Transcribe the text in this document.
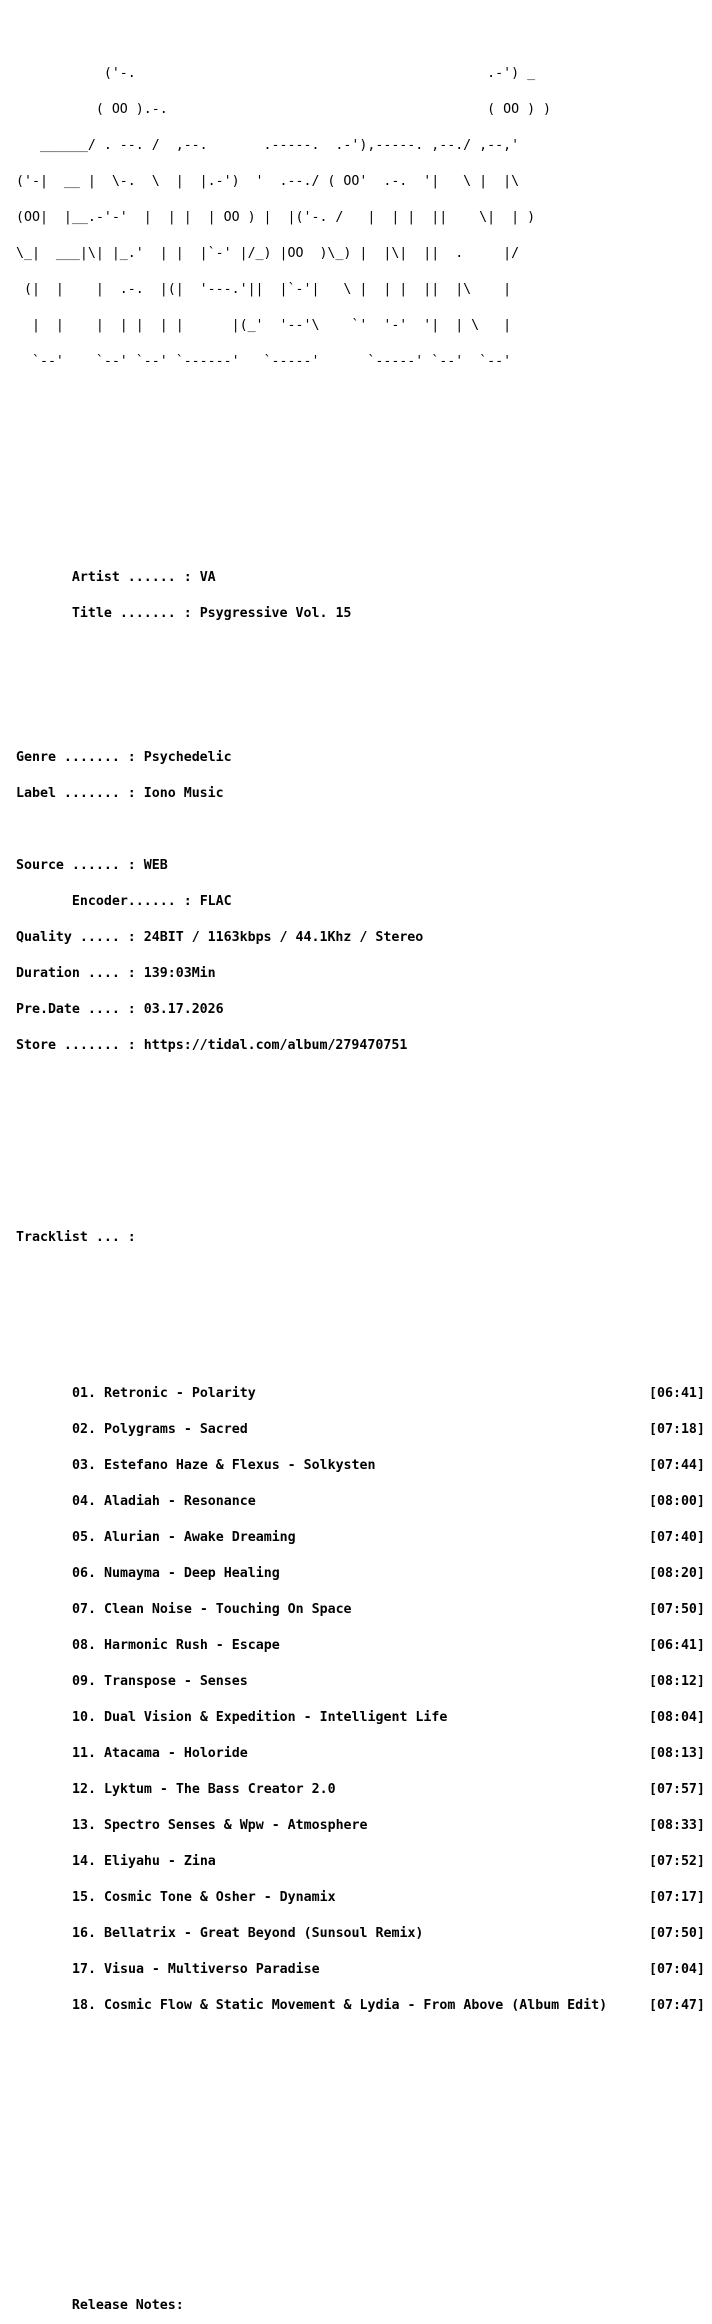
('-.                                            .-') _

( OO ).-.                                        ( OO ) )

______/ . --. /  ,--.       .-----.  .-'),-----. ,--./ ,--,'

('-|  __ |  \-.  \  |  |.-')  '  .--./ ( OO'  .-.  '|   \ |  |\

(OO|  |__.-'-'  |  | |  | OO ) |  |('-. /   |  | |  ||    \|  | )

\_|  ___|\| |_.'  | |  |`-' |/_) |OO  )\_) |  |\|  ||  .     |/

(|  |    |  .-.  |(|  '---.'||  |`-'|   \ |  | |  ||  |\    |

|  |    |  | |  | |      |(_'  '--'\    `'  '-'  '|  | \   |

`--'    `--' `--' `------'   `-----'      `-----' `--'  `--'

Artist ...... : VA

Title ....... : Psygressive Vol. 15

Genre ....... : Psychedelic

Label ....... : Iono Music

Source ...... : WEB

Encoder...... : FLAC

Quality ..... : 24BIT / 1163kbps / 44.1Khz / Stereo

Duration .... : 139:03Min

Pre.Date .... : 03.17.2026

Store ....... : https://tidal.com/album/279470751

Tracklist ... :

01. Retronic - Polarity	[06:41]

02. Polygrams - Sacred	[07:18]

03. Estefano Haze & Flexus - Solkysten	[07:44]

04. Aladiah - Resonance	[08:00]

05. Alurian - Awake Dreaming	[07:40]

06. Numayma - Deep Healing	[08:20]

07. Clean Noise - Touching On Space	[07:50]

08. Harmonic Rush - Escape	[06:41]

09. Transpose - Senses	[08:12]

10. Dual Vision & Expedition - Intelligent Life	[08:04]

11. Atacama - Holoride	[08:13]

12. Lyktum - The Bass Creator 2.0	[07:57]

13. Spectro Senses & Wpw - Atmosphere	[08:33]

14. Eliyahu - Zina	[07:52]

15. Cosmic Tone & Osher - Dynamix	[07:17]

16. Bellatrix - Great Beyond (Sunsoul Remix)	[07:50]

17. Visua - Multiverso Paradise	[07:04]

18. Cosmic Flow & Static Movement & Lydia - From Above (Album Edit)	[07:47]

Release Notes:
